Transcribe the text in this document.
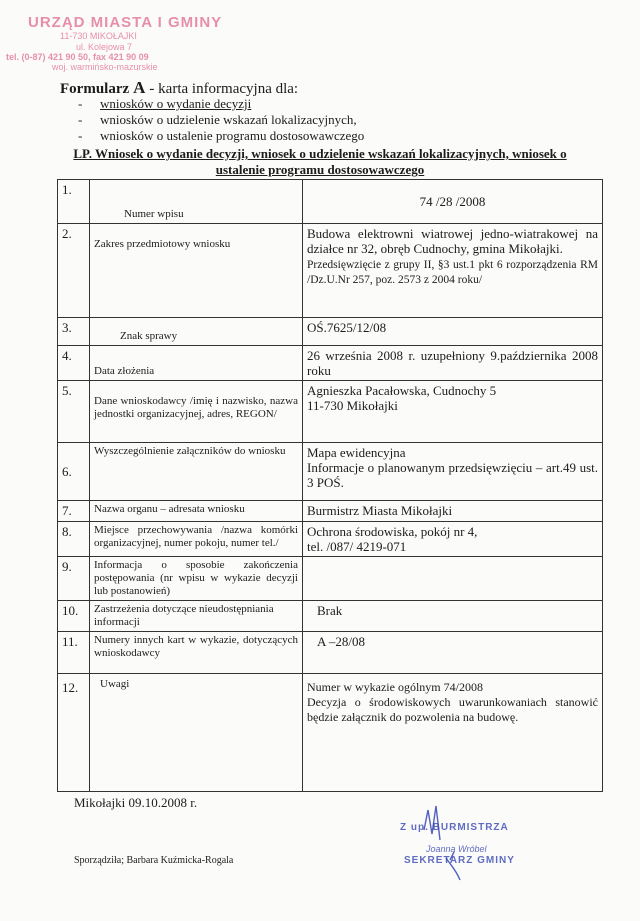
URZĄD MIASTA I GMINY
11-730 MIKOŁAJKI
ul. Kolejowa 7
tel. (0-87) 421 90 50, fax 421 90 09
woj. warmińsko-mazurskie
Formularz A - karta informacyjna dla:
- wniosków o wydanie decyzji
- wniosków o udzielenie wskazań lokalizacyjnych,
- wniosków o ustalenie programu dostosowawczego
LP. Wniosek o wydanie decyzji, wniosek o udzielenie wskazań lokalizacyjnych, wniosek o ustalenie programu dostosowawczego
1.	Numer wpisu	74 /28 /2008
2.	Zakres przedmiotowy wniosku	Budowa elektrowni wiatrowej jedno-wiatrakowej na działce nr 32, obręb Cudnochy, gmina Mikołajki.
Przedsięwzięcie z grupy II, §3 ust.1 pkt 6 rozporządzenia RM /Dz.U.Nr 257, poz. 2573 z 2004 roku/

3.	Znak sprawy	OŚ.7625/12/08
4.	Data złożenia	26 września 2008 r. uzupełniony 9.października 2008 roku
5.	Dane wnioskodawcy /imię i nazwisko, nazwa jednostki organizacyjnej, adres, REGON/	Agnieszka Pacałowska, Cudnochy 5
11-730 Mikołajki

6.	Wyszczególnienie załączników do wniosku	Mapa ewidencyjna
Informacje o planowanym przedsięwzięciu – art.49 ust. 3 POŚ.

7.	Nazwa organu – adresata wniosku	Burmistrz Miasta Mikołajki
8.	Miejsce przechowywania /nazwa komórki organizacyjnej, numer pokoju, numer tel./	Ochrona środowiska, pokój nr 4,
tel. /087/ 4219-071

9.	Informacja o sposobie zakończenia postępowania (nr wpisu w wykazie decyzji lub postanowień)	
10.	Zastrzeżenia dotyczące nieudostępniania informacji	Brak
11.	Numery innych kart w wykazie, dotyczących wnioskodawcy	A –28/08
12.	Uwagi	Numer w wykazie ogólnym 74/2008
Decyzja o środowiskowych uwarunkowaniach stanowić będzie załącznik do pozwolenia na budowę.
Mikołajki 09.10.2008 r.
Z up. BURMISTRZA
Joanna Wróbel
SEKRETARZ GMINY
Sporządziła; Barbara Kuźmicka-Rogala
